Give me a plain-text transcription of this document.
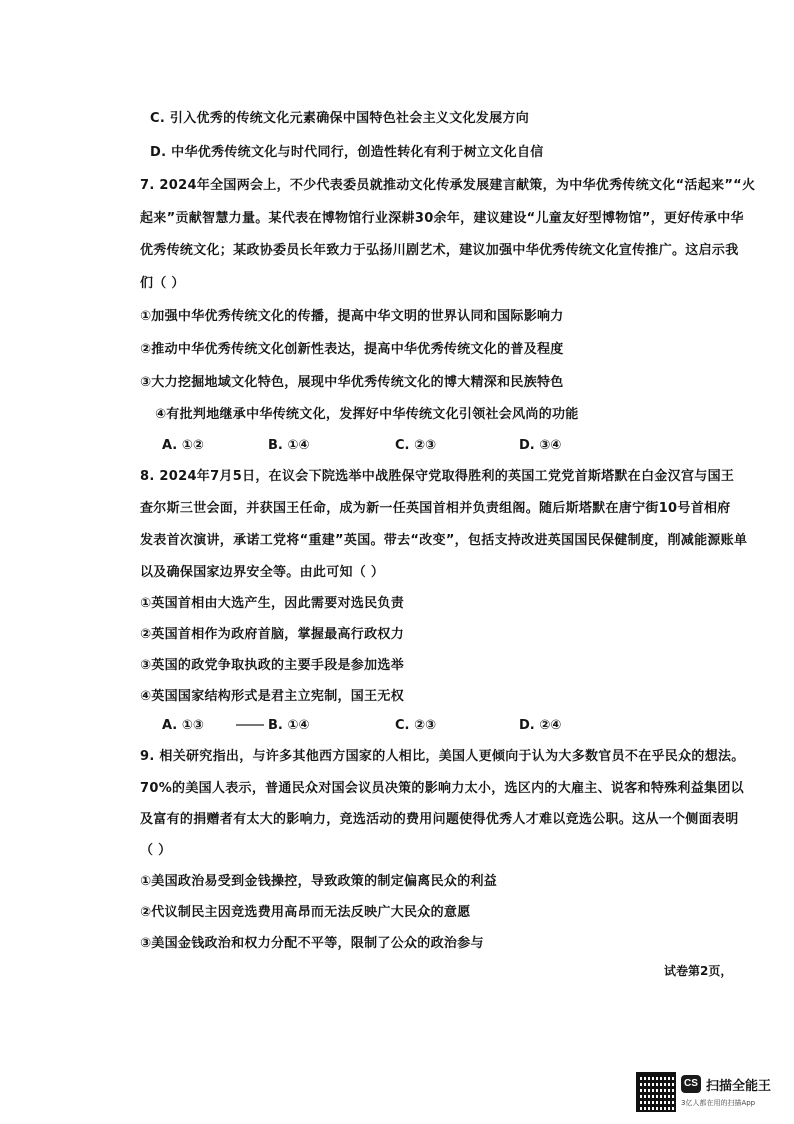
C. 引入优秀的传统文化元素确保中国特色社会主义文化发展方向
D. 中华优秀传统文化与时代同行，创造性转化有利于树立文化自信
7. 2024年全国两会上，不少代表委员就推动文化传承发展建言献策，为中华优秀传统文化“活起来”“火
起来”贡献智慧力量。某代表在博物馆行业深耕30余年，建议建设“儿童友好型博物馆”，更好传承中华
优秀传统文化；某政协委员长年致力于弘扬川剧艺术，建议加强中华优秀传统文化宣传推广。这启示我
们（ ）
①加强中华优秀传统文化的传播，提高中华文明的世界认同和国际影响力
②推动中华优秀传统文化创新性表达，提高中华优秀传统文化的普及程度
③大力挖掘地域文化特色，展现中华优秀传统文化的博大精深和民族特色
④有批判地继承中华传统文化，发挥好中华传统文化引领社会风尚的功能
A. ①②	B. ①④	C. ②③	D. ③④
8. 2024年7月5日，在议会下院选举中战胜保守党取得胜利的英国工党党首斯塔默在白金汉宫与国王
查尔斯三世会面，并获国王任命，成为新一任英国首相并负责组阁。随后斯塔默在唐宁街10号首相府
发表首次演讲，承诺工党将“重建”英国。带去“改变”，包括支持改进英国国民保健制度，削减能源账单
以及确保国家边界安全等。由此可知（ ）
①英国首相由大选产生，因此需要对选民负责
②英国首相作为政府首脑，掌握最高行政权力
③英国的政党争取执政的主要手段是参加选举
④英国国家结构形式是君主立宪制，国王无权
A. ①③	B. ①④	C. ②③	D. ②④
9. 相关研究指出，与许多其他西方国家的人相比，美国人更倾向于认为大多数官员不在乎民众的想法。
70%的美国人表示，普通民众对国会议员决策的影响力太小，选区内的大雇主、说客和特殊利益集团以
及富有的捐赠者有太大的影响力，竞选活动的费用问题使得优秀人才难以竞选公职。这从一个侧面表明
（ ）
①美国政治易受到金钱操控，导致政策的制定偏离民众的利益
②代议制民主因竞选费用高昂而无法反映广大民众的意愿
③美国金钱政治和权力分配不平等，限制了公众的政治参与
试卷第2页，
CS 扫描全能王
3亿人都在用的扫描App
